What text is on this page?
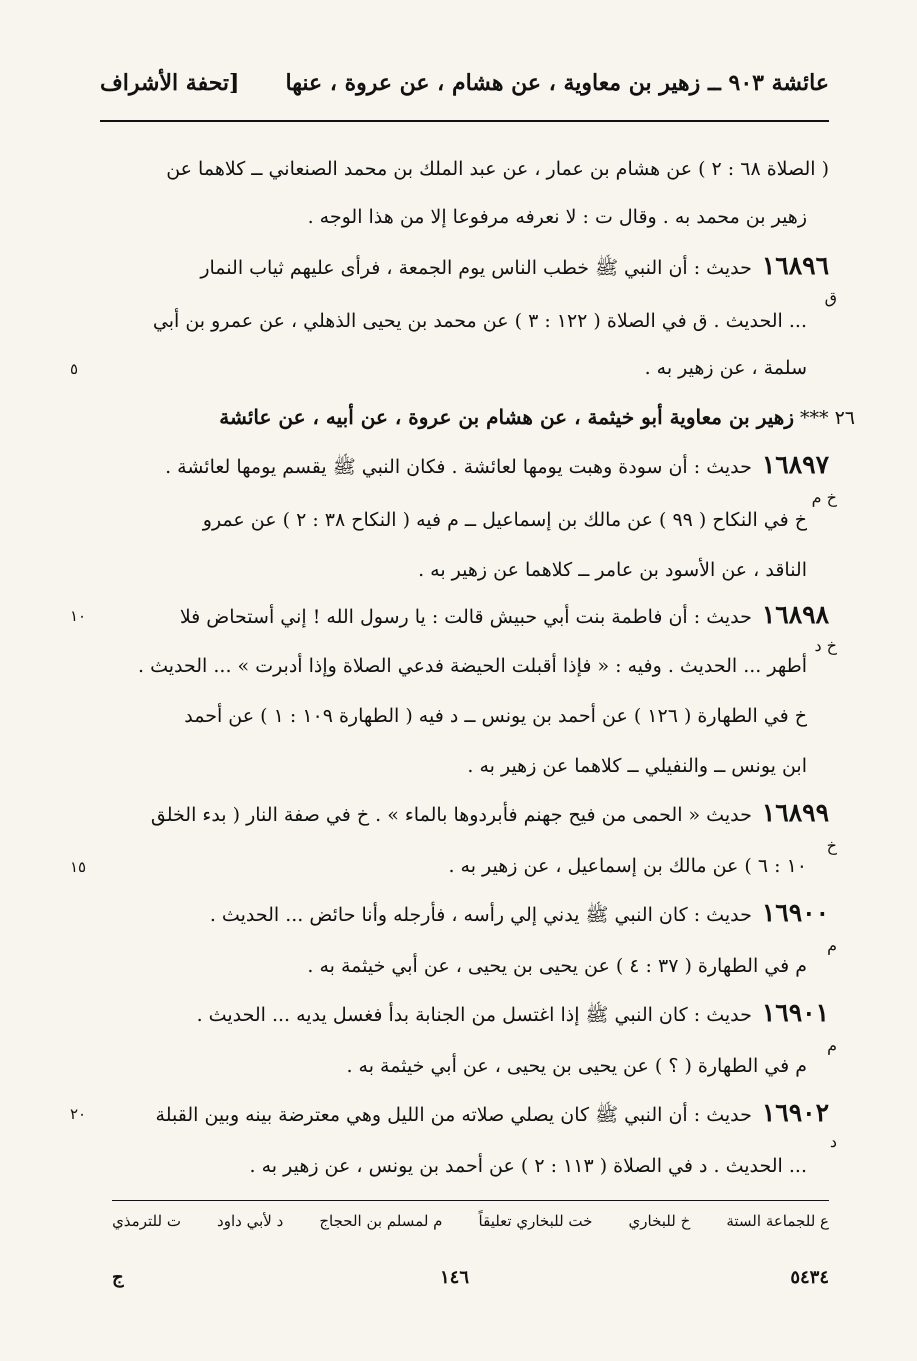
عائشة ٩٠٣ ــ زهير بن معاوية ، عن هشام ، عن عروة ، عنها
[تحفة الأشراف
( الصلاة ٦٨ : ٢ ) عن هشام بن عمار ، عن عبد الملك بن محمد الصنعاني ــ كلاهما عن
زهير بن محمد به . وقال ت : لا نعرفه مرفوعا إلا من هذا الوجه .
١٦٨٩٦حديث : أن النبي ﷺ خطب الناس يوم الجمعة ، فرأى عليهم ثياب النمار
ق
... الحديث . ق في الصلاة ( ١٢٢ : ٣ ) عن محمد بن يحيى الذهلي ، عن عمرو بن أبي
سلمة ، عن زهير به .
٥
٢٦ *** زهير بن معاوية أبو خيثمة ، عن هشام بن عروة ، عن أبيه ، عن عائشة
١٦٨٩٧حديث : أن سودة وهبت يومها لعائشة . فكان النبي ﷺ يقسم يومها لعائشة .
خ م
خ في النكاح ( ٩٩ ) عن مالك بن إسماعيل ــ م فيه ( النكاح ٣٨ : ٢ ) عن عمرو
الناقد ، عن الأسود بن عامر ــ كلاهما عن زهير به .
١٦٨٩٨حديث : أن فاطمة بنت أبي حبيش قالت : يا رسول الله ! إني أستحاض فلا
١٠
خ د
أطهر ... الحديث . وفيه : « فإذا أقبلت الحيضة فدعي الصلاة وإذا أدبرت » ... الحديث .
خ في الطهارة ( ١٢٦ ) عن أحمد بن يونس ــ د فيه ( الطهارة ١٠٩ : ١ ) عن أحمد
ابن يونس ــ والنفيلي ــ كلاهما عن زهير به .
١٦٨٩٩حديث « الحمى من فيح جهنم فأبردوها بالماء » . خ في صفة النار ( بدء الخلق
خ
١٠ : ٦ ) عن مالك بن إسماعيل ، عن زهير به .
١٥
١٦٩٠٠حديث : كان النبي ﷺ يدني إلي رأسه ، فأرجله وأنا حائض ... الحديث .
م
م في الطهارة ( ٣٧ : ٤ ) عن يحيى بن يحيى ، عن أبي خيثمة به .
١٦٩٠١حديث : كان النبي ﷺ إذا اغتسل من الجنابة بدأ فغسل يديه ... الحديث .
م
م في الطهارة ( ؟ ) عن يحيى بن يحيى ، عن أبي خيثمة به .
١٦٩٠٢حديث : أن النبي ﷺ كان يصلي صلاته من الليل وهي معترضة بينه وبين القبلة
٢٠
د
... الحديث . د في الصلاة ( ١١٣ : ٢ ) عن أحمد بن يونس ، عن زهير به .
ع للجماعة الستة
خ للبخاري
خت للبخاري تعليقاً
م لمسلم بن الحجاج
د لأبي داود
ت للترمذي
ج	١٤٦	٥٤٣٤
